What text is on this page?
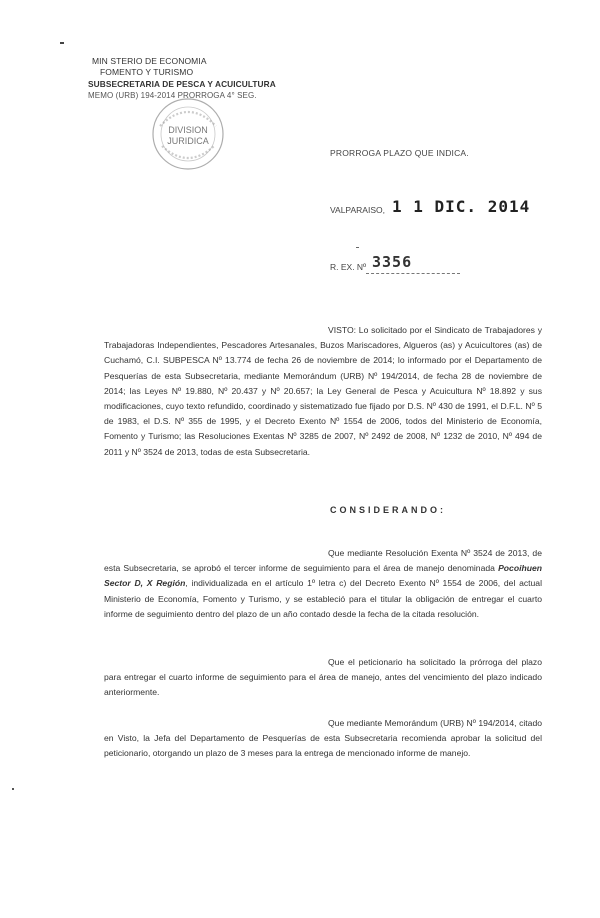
MIN STERIO DE ECONOMIA
FOMENTO Y TURISMO
SUBSECRETARIA DE PESCA Y ACUICULTURA
MEMO (URB) 194-2014 PRORROGA 4° SEG.
DIVISION
JURIDICA
PRORROGA PLAZO QUE INDICA.
VALPARAISO, 1 1 DIC. 2014
R. EX. Nº 3356
VISTO: Lo solicitado por el Sindicato de Trabajadores y Trabajadoras Independientes, Pescadores Artesanales, Buzos Mariscadores, Algueros (as) y Acuicultores (as) de Cuchamó, C.I. SUBPESCA Nº 13.774 de fecha 26 de noviembre de 2014; lo informado por el Departamento de Pesquerías de esta Subsecretaria, mediante Memorándum (URB) Nº 194/2014, de fecha 28 de noviembre de 2014; las Leyes Nº 19.880, Nº 20.437 y Nº 20.657; la Ley General de Pesca y Acuicultura Nº 18.892 y sus modificaciones, cuyo texto refundido, coordinado y sistematizado fue fijado por D.S. Nº 430 de 1991, el D.F.L. Nº 5 de 1983, el D.S. Nº 355 de 1995, y el Decreto Exento Nº 1554 de 2006, todos del Ministerio de Economía, Fomento y Turismo; las Resoluciones Exentas Nº 3285 de 2007, Nº 2492 de 2008, Nº 1232 de 2010, Nº 494 de 2011 y Nº 3524 de 2013, todas de esta Subsecretaria.
CONSIDERANDO:
Que mediante Resolución Exenta Nº 3524 de 2013, de esta Subsecretaria, se aprobó el tercer informe de seguimiento para el área de manejo denominada Pocoihuen Sector D, X Región, individualizada en el artículo 1º letra c) del Decreto Exento Nº 1554 de 2006, del actual Ministerio de Economía, Fomento y Turismo, y se estableció para el titular la obligación de entregar el cuarto informe de seguimiento dentro del plazo de un año contado desde la fecha de la citada resolución.
Que el peticionario ha solicitado la prórroga del plazo para entregar el cuarto informe de seguimiento para el área de manejo, antes del vencimiento del plazo indicado anteriormente.
Que mediante Memorándum (URB) Nº 194/2014, citado en Visto, la Jefa del Departamento de Pesquerías de esta Subsecretaria recomienda aprobar la solicitud del peticionario, otorgando un plazo de 3 meses para la entrega de mencionado informe de manejo.
